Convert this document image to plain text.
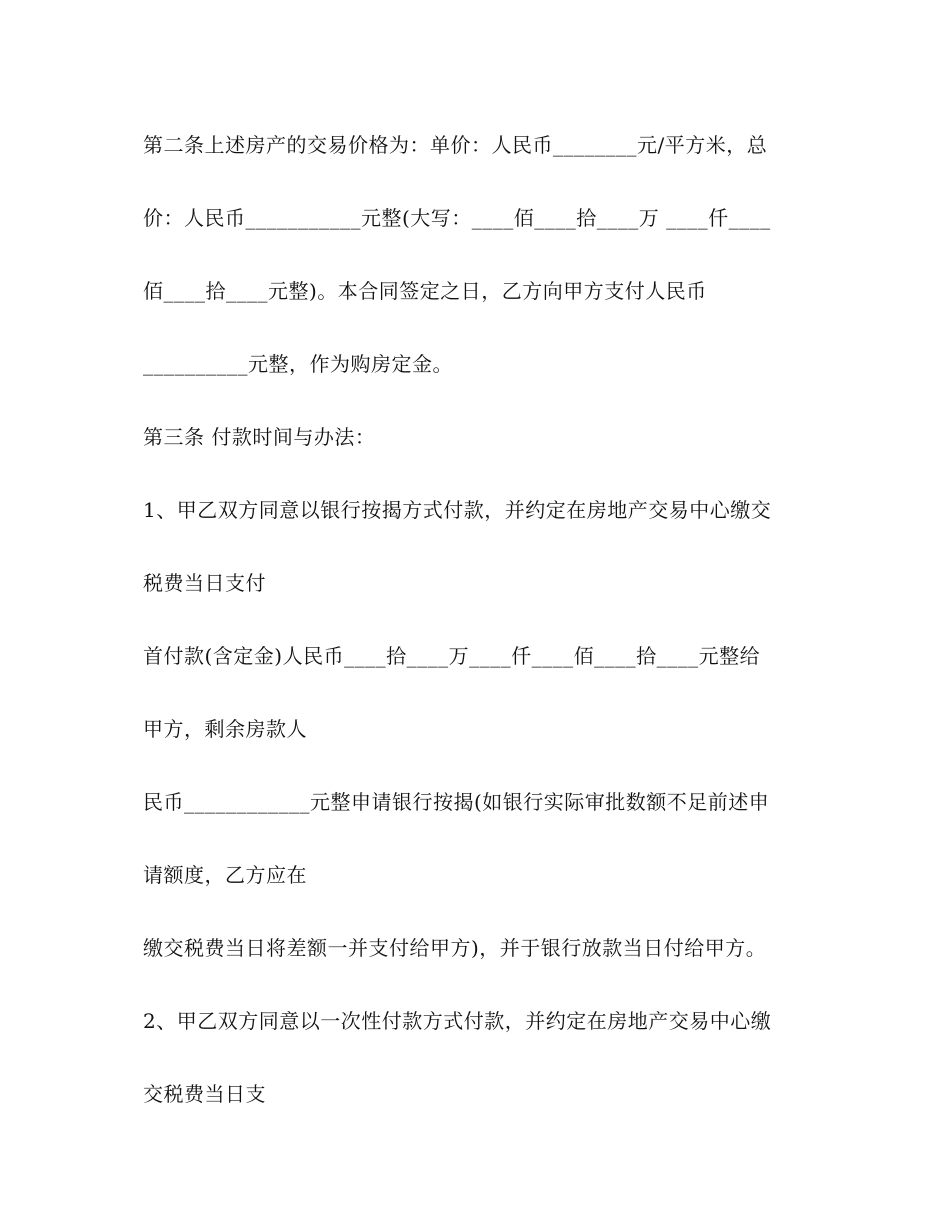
第二条上述房产的交易价格为：单价：人民币________元/平方米，总

价：人民币___________元整(大写：____佰____拾____万 ____仟____

佰____拾____元整)。本合同签定之日，乙方向甲方支付人民币

__________元整，作为购房定金。

第三条 付款时间与办法：

1、甲乙双方同意以银行按揭方式付款，并约定在房地产交易中心缴交

税费当日支付

首付款(含定金)人民币____拾____万____仟____佰____拾____元整给

甲方，剩余房款人

民币____________元整申请银行按揭(如银行实际审批数额不足前述申

请额度，乙方应在

缴交税费当日将差额一并支付给甲方)，并于银行放款当日付给甲方。

2、甲乙双方同意以一次性付款方式付款，并约定在房地产交易中心缴

交税费当日支
